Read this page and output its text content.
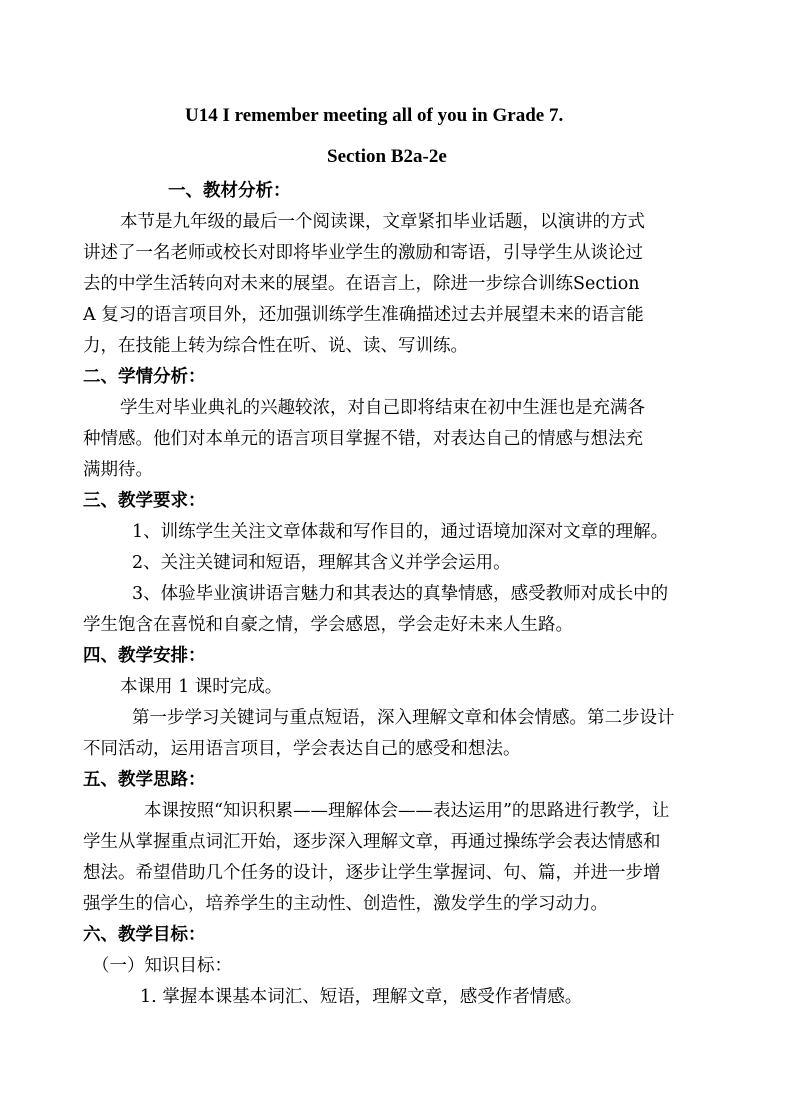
U14 I remember meeting all of you in Grade 7.
Section B2a-2e
一、教材分析：
本节是九年级的最后一个阅读课，文章紧扣毕业话题，以演讲的方式
讲述了一名老师或校长对即将毕业学生的激励和寄语，引导学生从谈论过
去的中学生活转向对未来的展望。在语言上，除进一步综合训练Section
A 复习的语言项目外，还加强训练学生准确描述过去并展望未来的语言能
力，在技能上转为综合性在听、说、读、写训练。
二、学情分析：
学生对毕业典礼的兴趣较浓，对自己即将结束在初中生涯也是充满各
种情感。他们对本单元的语言项目掌握不错，对表达自己的情感与想法充
满期待。
三、教学要求：
1、训练学生关注文章体裁和写作目的，通过语境加深对文章的理解。
2、关注关键词和短语，理解其含义并学会运用。
3、体验毕业演讲语言魅力和其表达的真挚情感，感受教师对成长中的
学生饱含在喜悦和自豪之情，学会感恩，学会走好未来人生路。
四、教学安排：
本课用 1 课时完成。
第一步学习关键词与重点短语，深入理解文章和体会情感。第二步设计
不同活动，运用语言项目，学会表达自己的感受和想法。
五、教学思路：
本课按照“知识积累——理解体会——表达运用”的思路进行教学，让
学生从掌握重点词汇开始，逐步深入理解文章，再通过操练学会表达情感和
想法。希望借助几个任务的设计，逐步让学生掌握词、句、篇，并进一步增
强学生的信心，培养学生的主动性、创造性，激发学生的学习动力。
六、教学目标：
（一）知识目标：
1. 掌握本课基本词汇、短语，理解文章，感受作者情感。
